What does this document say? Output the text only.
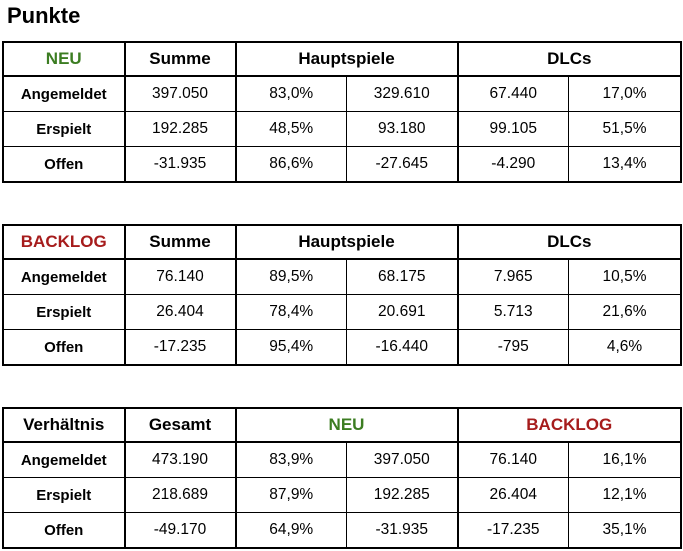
Punkte
NEU	Summe	Hauptspiele		DLCs	
Angemeldet	397.050	83,0%	329.610	67.440	17,0%
Erspielt	192.285	48,5%	93.180	99.105	51,5%
Offen	-31.935	86,6%	-27.645	-4.290	13,4%
BACKLOG	Summe	Hauptspiele		DLCs	
Angemeldet	76.140	89,5%	68.175	7.965	10,5%
Erspielt	26.404	78,4%	20.691	5.713	21,6%
Offen	-17.235	95,4%	-16.440	-795	4,6%
Verhältnis	Gesamt	NEU		BACKLOG	
Angemeldet	473.190	83,9%	397.050	76.140	16,1%
Erspielt	218.689	87,9%	192.285	26.404	12,1%
Offen	-49.170	64,9%	-31.935	-17.235	35,1%
